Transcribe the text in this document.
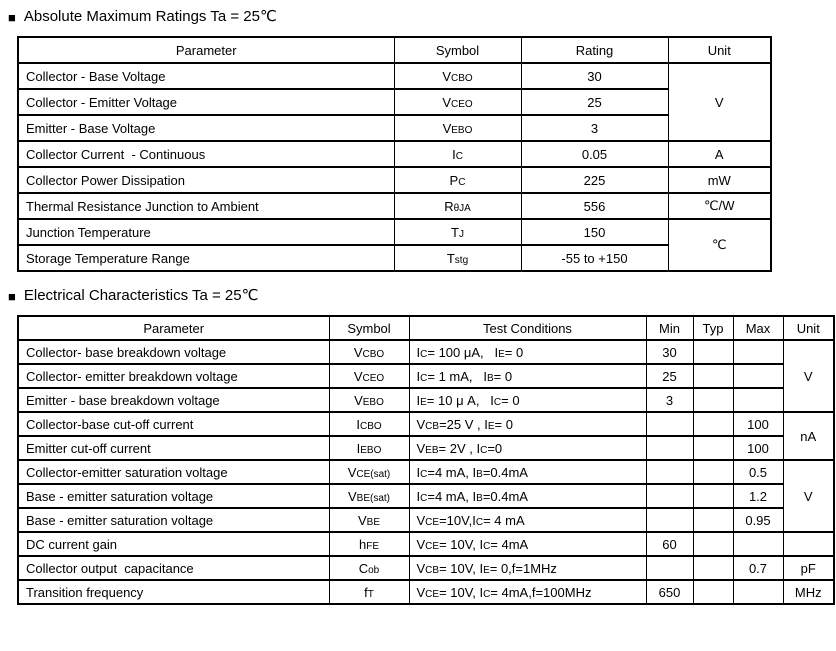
■ Absolute Maximum Ratings Ta = 25℃
Parameter	Symbol	Rating	Unit
Collector - Base Voltage	VCBO	30	V
Collector - Emitter Voltage	VCEO	25	
Emitter - Base Voltage	VEBO	3	
Collector Current  - Continuous	IC	0.05	A
Collector Power Dissipation	PC	225	mW
Thermal Resistance Junction to Ambient	RθJA	556	℃/W
Junction Temperature	TJ	150	℃
Storage Temperature Range	Tstg	-55 to +150	
■ Electrical Characteristics Ta = 25℃
Parameter	Symbol	Test Conditions	Min	Typ	Max	Unit
Collector- base breakdown voltage	VCBO	IC= 100 μA,   IE= 0	30			V
Collector- emitter breakdown voltage	VCEO	IC= 1 mA,   IB= 0	25			
Emitter - base breakdown voltage	VEBO	IE= 10 μ A,   IC= 0	3			
Collector-base cut-off current	ICBO	VCB=25 V , IE= 0			100	nA
Emitter cut-off current	IEBO	VEB= 2V , IC=0			100	
Collector-emitter saturation voltage	VCE(sat)	IC=4 mA, IB=0.4mA			0.5	V
Base - emitter saturation voltage	VBE(sat)	IC=4 mA, IB=0.4mA			1.2	
Base - emitter saturation voltage	VBE	VCE=10V,IC= 4 mA			0.95	
DC current gain	hFE	VCE= 10V, IC= 4mA	60			
Collector output  capacitance	Cob	VCB= 10V, IE= 0,f=1MHz			0.7	pF
Transition frequency	fT	VCE= 10V, IC= 4mA,f=100MHz	650			MHz
